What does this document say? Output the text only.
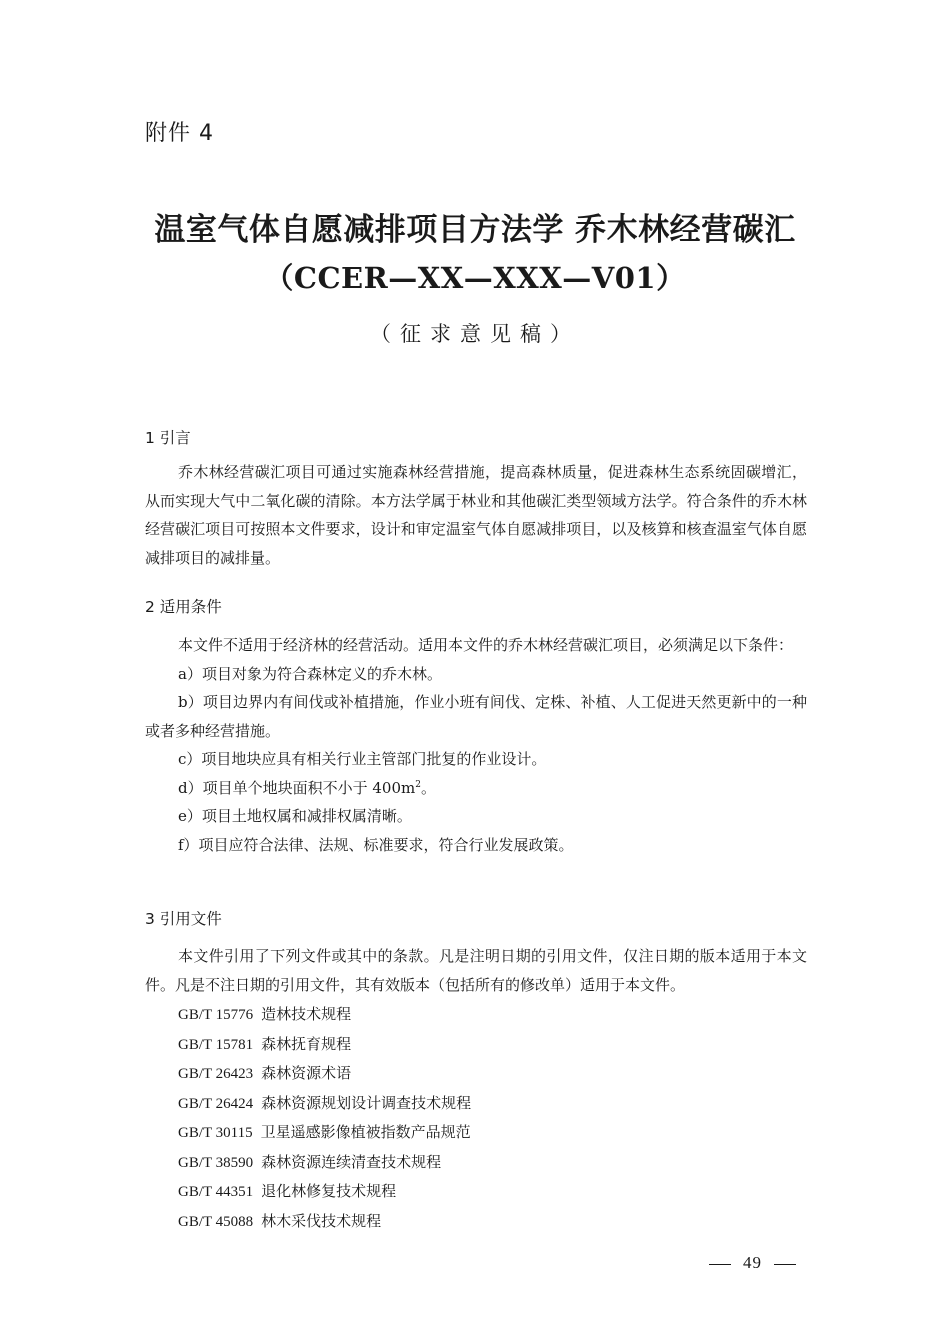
附件 4
温室气体自愿减排项目方法学 乔木林经营碳汇
（CCER—XX—XXX—V01）
（征求意见稿）
1 引言

乔木林经营碳汇项目可通过实施森林经营措施，提高森林质量，促进森林生态系统固碳增汇，从而实现大气中二氧化碳的清除。本方法学属于林业和其他碳汇类型领域方法学。符合条件的乔木林经营碳汇项目可按照本文件要求，设计和审定温室气体自愿减排项目，以及核算和核查温室气体自愿减排项目的减排量。

2 适用条件

本文件不适用于经济林的经营活动。适用本文件的乔木林经营碳汇项目，必须满足以下条件：

a）项目对象为符合森林定义的乔木林。

b）项目边界内有间伐或补植措施，作业小班有间伐、定株、补植、人工促进天然更新中的一种或者多种经营措施。

c）项目地块应具有相关行业主管部门批复的作业设计。

d）项目单个地块面积不小于 $400m^2$。

e）项目土地权属和减排权属清晰。

f）项目应符合法律、法规、标准要求，符合行业发展政策。

3 引用文件

本文件引用了下列文件或其中的条款。凡是注明日期的引用文件，仅注日期的版本适用于本文件。凡是不注日期的引用文件，其有效版本（包括所有的修改单）适用于本文件。

GB/T 15776 造林技术规程
GB/T 15781 森林抚育规程
GB/T 26423 森林资源术语
GB/T 26424 森林资源规划设计调查技术规程
GB/T 30115 卫星遥感影像植被指数产品规范
GB/T 38590 森林资源连续清查技术规程
GB/T 44351 退化林修复技术规程
GB/T 45088 林木采伐技术规程
49
